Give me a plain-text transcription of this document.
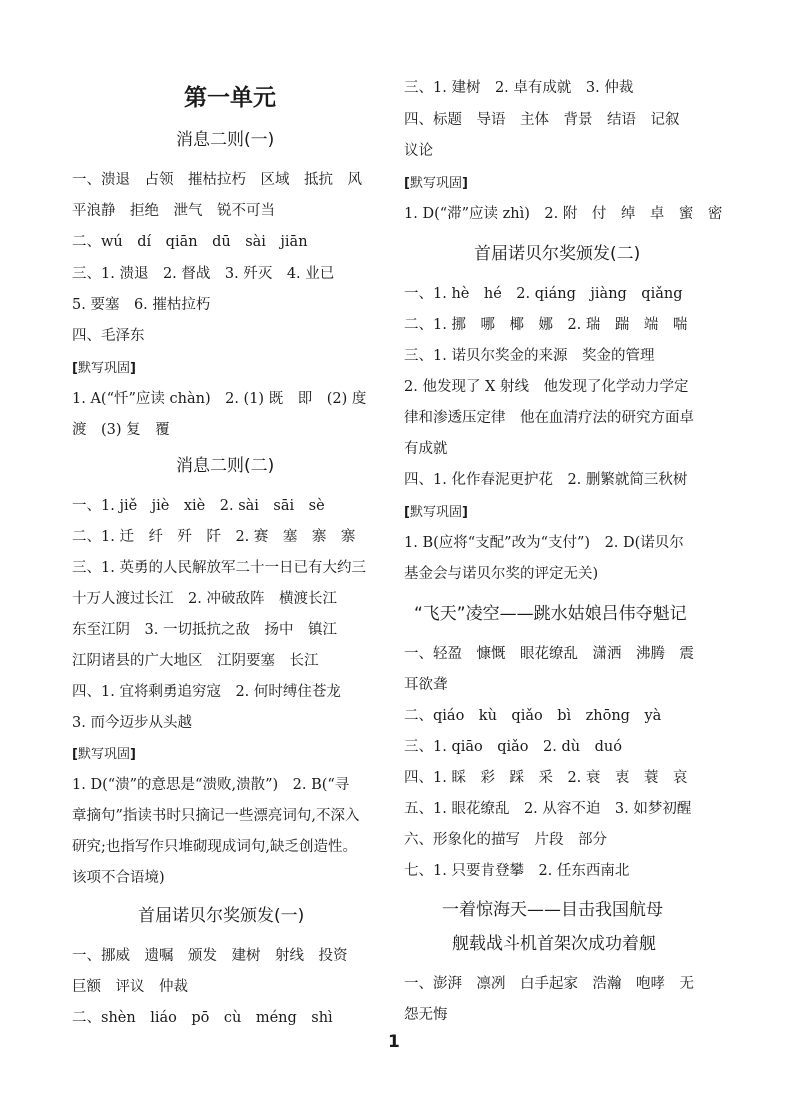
第一单元
消息二则(一)
一、溃退　占领　摧枯拉朽　区域　抵抗　风
平浪静　拒绝　泄气　锐不可当
二、wú　dí　qiān　dū　sài　jiān
三、1. 溃退　2. 督战　3. 歼灭　4. 业已
5. 要塞　6. 摧枯拉朽
四、毛泽东
[默写巩固]
1. A(“忏”应读 chàn)　2. (1) 既　即　(2) 度
渡　(3) 复　覆
消息二则(二)
一、1. jiě　jiè　xiè　2. sài　sāi　sè
二、1. 迁　纤　歼　阡　2. 赛　塞　寨　寨
三、1. 英勇的人民解放军二十一日已有大约三
十万人渡过长江　2. 冲破敌阵　横渡长江
东至江阴　3. 一切抵抗之敌　扬中　镇江
江阴诸县的广大地区　江阴要塞　长江
四、1. 宜将剩勇追穷寇　2. 何时缚住苍龙
3. 而今迈步从头越
[默写巩固]
1. D(“溃”的意思是“溃败,溃散”)　2. B(“寻
章摘句”指读书时只摘记一些漂亮词句,不深入
研究;也指写作只堆砌现成词句,缺乏创造性。
该项不合语境)
首届诺贝尔奖颁发(一)
一、挪威　遗嘱　颁发　建树　射线　投资
巨额　评议　仲裁
二、shèn　liáo　pō　cù　méng　shì
三、1. 建树　2. 卓有成就　3. 仲裁
四、标题　导语　主体　背景　结语　记叙
议论
[默写巩固]
1. D(“滞”应读 zhì)　2. 附　付　绰　卓　蜜　密
首届诺贝尔奖颁发(二)
一、1. hè　hé　2. qiáng　jiàng　qiǎng
二、1. 挪　哪　椰　娜　2. 瑞　踹　端　喘
三、1. 诺贝尔奖金的来源　奖金的管理
2. 他发现了 X 射线　他发现了化学动力学定
律和渗透压定律　他在血清疗法的研究方面卓
有成就
四、1. 化作春泥更护花　2. 删繁就简三秋树
[默写巩固]
1. B(应将“支配”改为“支付”)　2. D(诺贝尔
基金会与诺贝尔奖的评定无关)
“飞天”凌空——跳水姑娘吕伟夺魁记
一、轻盈　慷慨　眼花缭乱　潇洒　沸腾　震
耳欲聋
二、qiáo　kù　qiǎo　bì　zhōng　yà
三、1. qiāo　qiǎo　2. dù　duó
四、1. 睬　彩　踩　采　2. 衰　衷　蓑　哀
五、1. 眼花缭乱　2. 从容不迫　3. 如梦初醒
六、形象化的描写　片段　部分
七、1. 只要肯登攀　2. 任东西南北
一着惊海天——目击我国航母
舰载战斗机首架次成功着舰
一、澎湃　凛冽　白手起家　浩瀚　咆哮　无
怨无悔
1
